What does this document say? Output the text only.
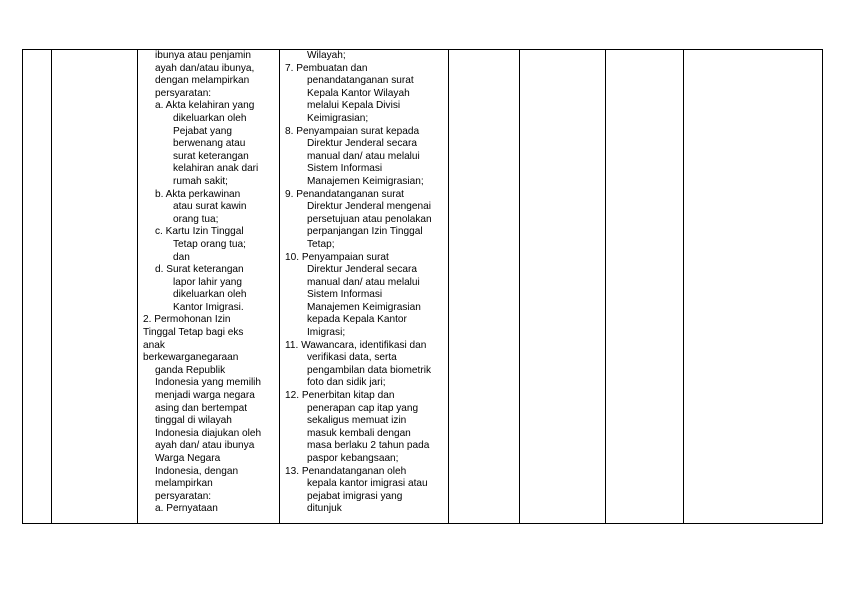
ibunya atau penjamin

ayah dan/atau ibunya,

dengan melampirkan

persyaratan:

a. Akta kelahiran yang

dikeluarkan oleh

Pejabat yang

berwenang atau

surat keterangan

kelahiran anak dari

rumah sakit;

b. Akta perkawinan

atau surat kawin

orang tua;

c. Kartu Izin Tinggal

Tetap orang tua;

dan

d. Surat keterangan

lapor lahir yang

dikeluarkan oleh

Kantor Imigrasi.

2. Permohonan Izin

Tinggal Tetap bagi eks

anak

berkewarganegaraan

ganda Republik

Indonesia yang memilih

menjadi warga negara

asing dan bertempat

tinggal di wilayah

Indonesia diajukan oleh

ayah dan/ atau ibunya

Warga Negara

Indonesia, dengan

melampirkan

persyaratan:

a. Pernyataan

Wilayah;

7. Pembuatan dan

penandatanganan surat

Kepala Kantor Wilayah

melalui Kepala Divisi

Keimigrasian;

8. Penyampaian surat kepada

Direktur Jenderal secara

manual dan/ atau melalui

Sistem Informasi

Manajemen Keimigrasian;

9. Penandatanganan surat

Direktur Jenderal mengenai

persetujuan atau penolakan

perpanjangan Izin Tinggal

Tetap;

10. Penyampaian surat

Direktur Jenderal secara

manual dan/ atau melalui

Sistem Informasi

Manajemen Keimigrasian

kepada Kepala Kantor

Imigrasi;

11. Wawancara, identifikasi dan

verifikasi data, serta

pengambilan data biometrik

foto dan sidik jari;

12. Penerbitan kitap dan

penerapan cap itap yang

sekaligus memuat izin

masuk kembali dengan

masa berlaku 2 tahun pada

paspor kebangsaan;

13. Penandatanganan oleh

kepala kantor imigrasi atau

pejabat imigrasi yang

ditunjuk
